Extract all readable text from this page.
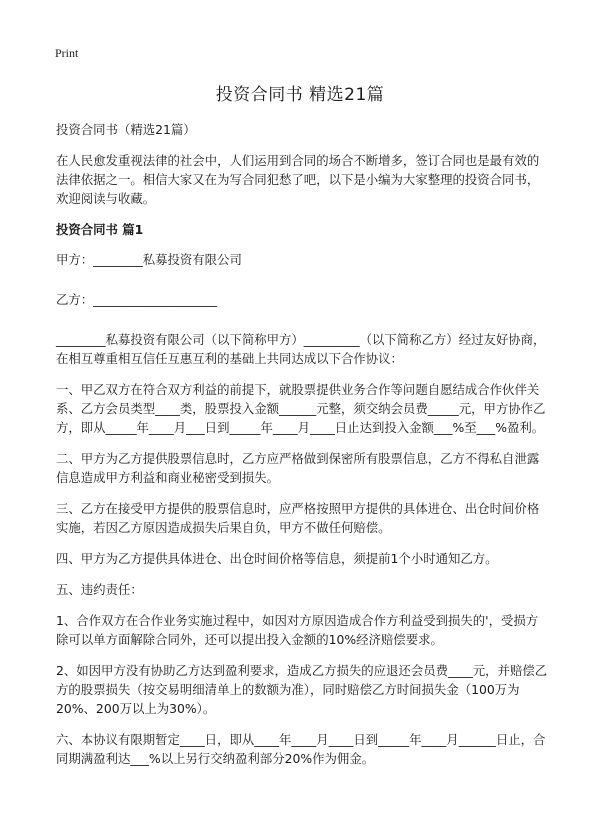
Print
投资合同书 精选21篇

投资合同书（精选21篇）

在人民愈发重视法律的社会中，人们运用到合同的场合不断增多，签订合同也是最有效的法律依据之一。相信大家又在为写合同犯愁了吧，以下是小编为大家整理的投资合同书，欢迎阅读与收藏。

投资合同书 篇1

甲方：________私募投资有限公司

乙方：____________________

________私募投资有限公司（以下简称甲方）_________（以下简称乙方）经过友好协商，在相互尊重相互信任互惠互利的基础上共同达成以下合作协议：

一、甲乙双方在符合双方利益的前提下，就股票提供业务合作等问题自愿结成合作伙伴关系、乙方会员类型____类，股票投入金额______元整，须交纳会员费_____元，甲方协作乙方，即从_____年____月___日到_____年____月____日止达到投入金额___%至___%盈利。

二、甲方为乙方提供股票信息时，乙方应严格做到保密所有股票信息，乙方不得私自泄露信息造成甲方利益和商业秘密受到损失。

三、乙方在接受甲方提供的股票信息时，应严格按照甲方提供的具体进仓、出仓时间价格实施，若因乙方原因造成损失后果自负，甲方不做任何赔偿。

四、甲方为乙方提供具体进仓、出仓时间价格等信息，须提前1个小时通知乙方。

五、违约责任：

1、合作双方在合作业务实施过程中，如因对方原因造成合作方利益受到损失的'，受损方除可以单方面解除合同外，还可以提出投入金额的10%经济赔偿要求。

2、如因甲方没有协助乙方达到盈利要求，造成乙方损失的应退还会员费____元，并赔偿乙方的股票损失（按交易明细清单上的数额为准），同时赔偿乙方时间损失金（100万为20%、200万以上为30%）。

六、本协议有限期暂定____日，即从____年____月____日到_____年____月______日止，合同期满盈利达___%以上另行交纳盈利部分20%作为佣金。
